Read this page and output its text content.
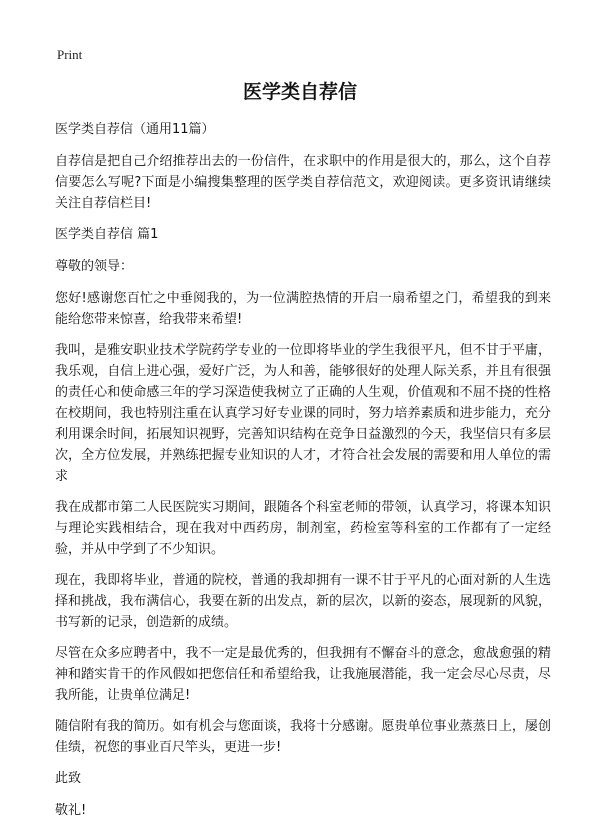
Print
医学类自荐信

医学类自荐信（通用11篇）

自荐信是把自己介绍推荐出去的一份信件，在求职中的作用是很大的，那么，这个自荐信要怎么写呢?下面是小编搜集整理的医学类自荐信范文，欢迎阅读。更多资讯请继续关注自荐信栏目!

医学类自荐信 篇1

尊敬的领导：

您好!感谢您百忙之中垂阅我的，为一位满腔热情的开启一扇希望之门，希望我的到来能给您带来惊喜，给我带来希望!

我叫，是雅安职业技术学院药学专业的一位即将毕业的学生我很平凡，但不甘于平庸，我乐观，自信上进心强，爱好广泛，为人和善，能够很好的处理人际关系，并且有很强的责任心和使命感三年的学习深造使我树立了正确的人生观，价值观和不屈不挠的性格在校期间，我也特别注重在认真学习好专业课的同时，努力培养素质和进步能力，充分利用课余时间，拓展知识视野，完善知识结构在竞争日益激烈的今天，我坚信只有多层次，全方位发展，并熟练把握专业知识的人才，才符合社会发展的需要和用人单位的需求

我在成都市第二人民医院实习期间，跟随各个科室老师的带领，认真学习，将课本知识与理论实践相结合，现在我对中西药房，制剂室，药检室等科室的工作都有了一定经验，并从中学到了不少知识。

现在，我即将毕业，普通的院校，普通的我却拥有一课不甘于平凡的心面对新的人生选择和挑战，我布满信心，我要在新的出发点，新的层次，以新的姿态，展现新的风貌，书写新的记录，创造新的成绩。

尽管在众多应聘者中，我不一定是最优秀的，但我拥有不懈奋斗的意念，愈战愈强的精神和踏实肯干的作风假如把您信任和希望给我，让我施展潜能，我一定会尽心尽责，尽我所能，让贵单位满足!

随信附有我的简历。如有机会与您面谈，我将十分感谢。愿贵单位事业蒸蒸日上，屡创佳绩，祝您的事业百尺竿头，更进一步!

此致

敬礼!
